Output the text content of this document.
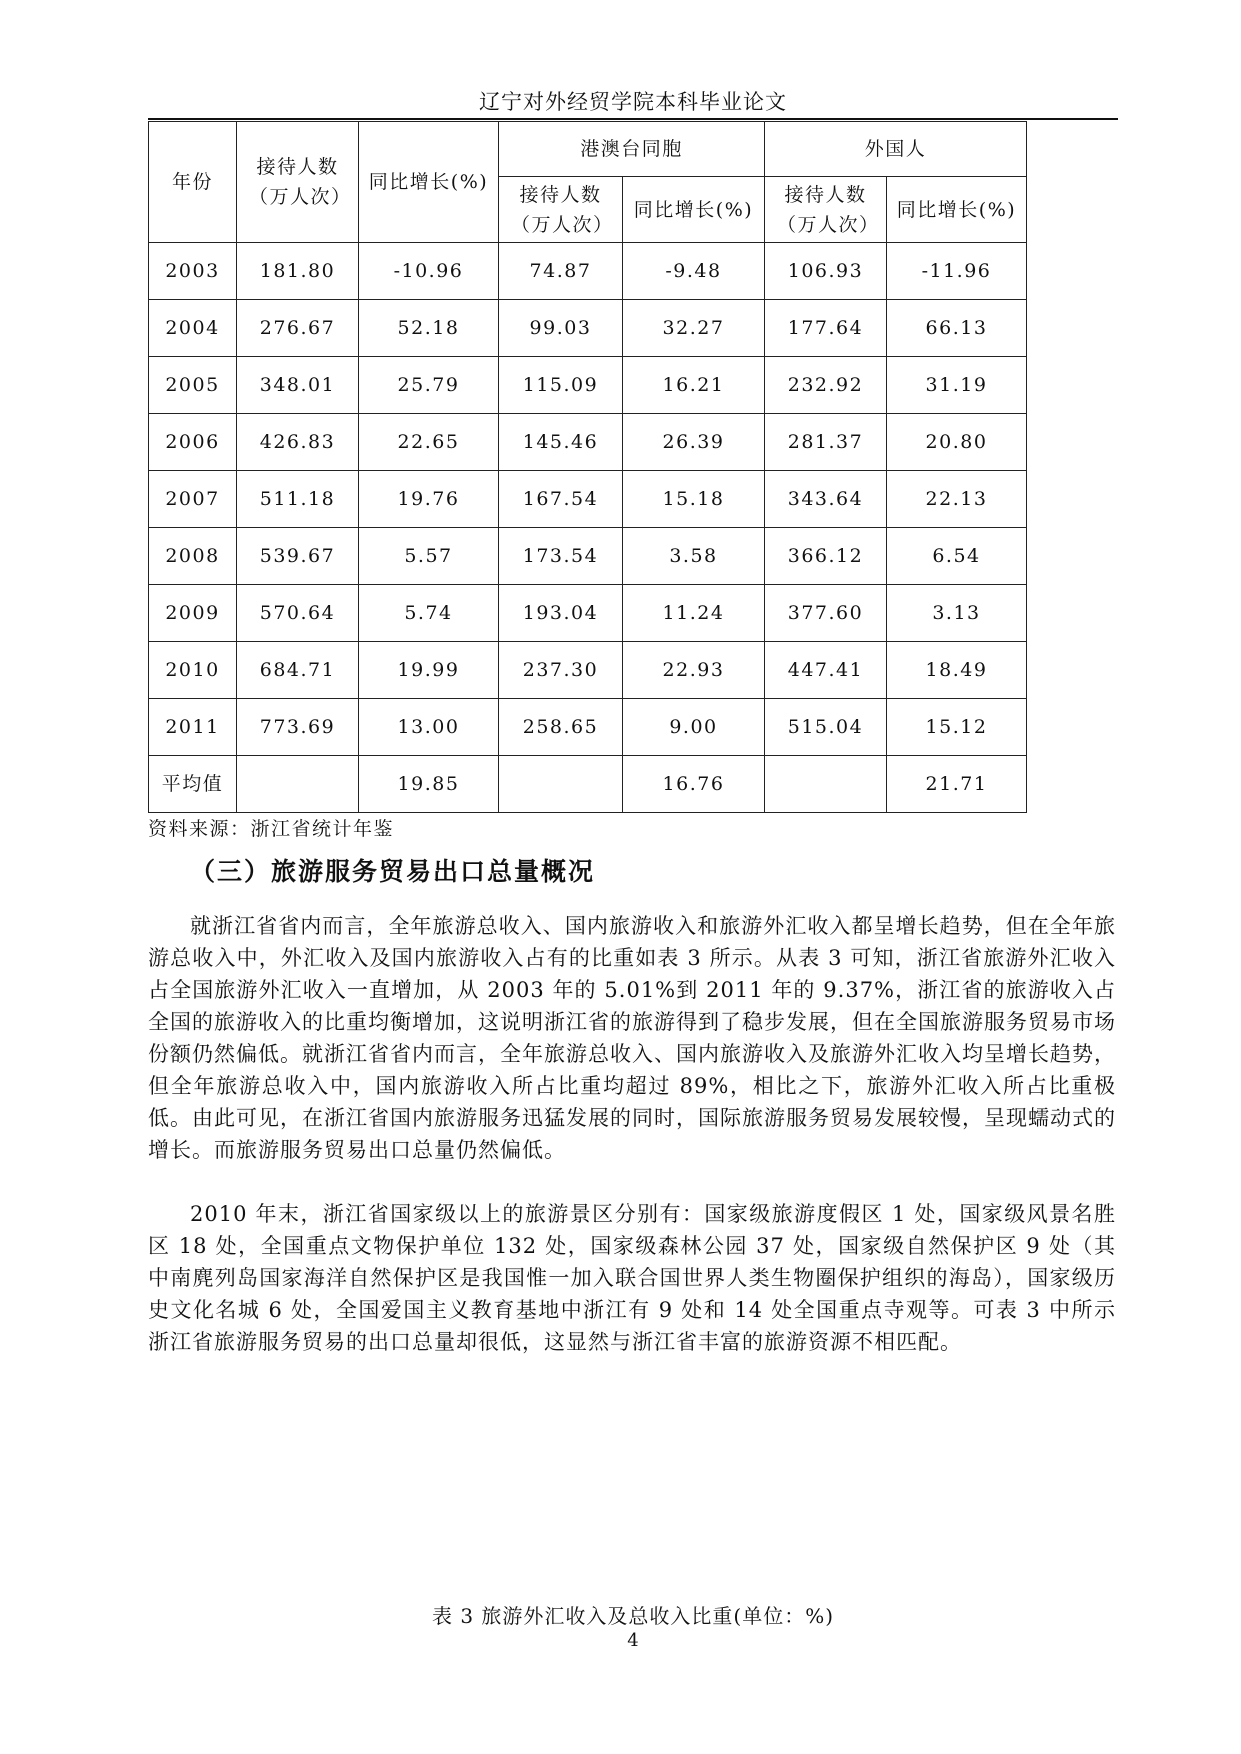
辽宁对外经贸学院本科毕业论文
年份	接待人数（万人次）	同比增长(%)	港澳台同胞		外国人	
			接待人数（万人次）	同比增长(%)	接待人数（万人次）	同比增长(%)
2003	181.80	-10.96	74.87	-9.48	106.93	-11.96
2004	276.67	52.18	99.03	32.27	177.64	66.13
2005	348.01	25.79	115.09	16.21	232.92	31.19
2006	426.83	22.65	145.46	26.39	281.37	20.80
2007	511.18	19.76	167.54	15.18	343.64	22.13
2008	539.67	5.57	173.54	3.58	366.12	6.54
2009	570.64	5.74	193.04	11.24	377.60	3.13
2010	684.71	19.99	237.30	22.93	447.41	18.49
2011	773.69	13.00	258.65	9.00	515.04	15.12
平均值		19.85		16.76		21.71
资料来源：浙江省统计年鉴
（三）旅游服务贸易出口总量概况

就浙江省省内而言，全年旅游总收入、国内旅游收入和旅游外汇收入都呈增长趋势，但在全年旅游总收入中，外汇收入及国内旅游收入占有的比重如表 3 所示。从表 3 可知，浙江省旅游外汇收入占全国旅游外汇收入一直增加，从 2003 年的 5.01%到 2011 年的 9.37%，浙江省的旅游收入占全国的旅游收入的比重均衡增加，这说明浙江省的旅游得到了稳步发展，但在全国旅游服务贸易市场份额仍然偏低。就浙江省省内而言，全年旅游总收入、国内旅游收入及旅游外汇收入均呈增长趋势，但全年旅游总收入中，国内旅游收入所占比重均超过 89%，相比之下，旅游外汇收入所占比重极低。由此可见，在浙江省国内旅游服务迅猛发展的同时，国际旅游服务贸易发展较慢，呈现蠕动式的增长。而旅游服务贸易出口总量仍然偏低。

2010 年末，浙江省国家级以上的旅游景区分别有：国家级旅游度假区 1 处，国家级风景名胜区 18 处，全国重点文物保护单位 132 处，国家级森林公园 37 处，国家级自然保护区 9 处（其中南麂列岛国家海洋自然保护区是我国惟一加入联合国世界人类生物圈保护组织的海岛），国家级历史文化名城 6 处，全国爱国主义教育基地中浙江有 9 处和 14 处全国重点寺观等。可表 3 中所示浙江省旅游服务贸易的出口总量却很低，这显然与浙江省丰富的旅游资源不相匹配。

表 3 旅游外汇收入及总收入比重(单位：%)
4
